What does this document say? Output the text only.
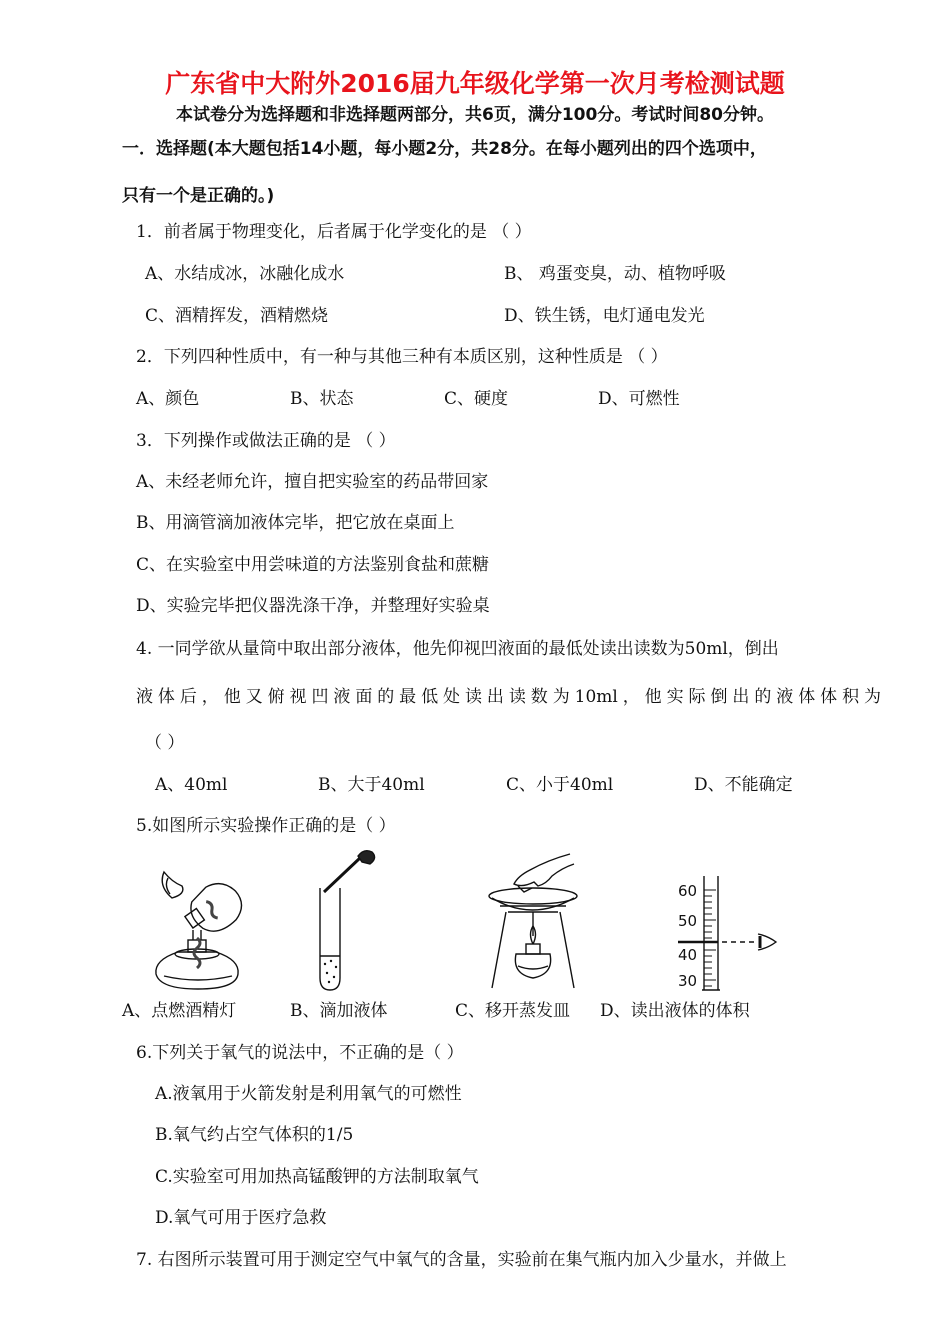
广东省中大附外2016届九年级化学第一次月考检测试题
本试卷分为选择题和非选择题两部分，共6页，满分100分。考试时间80分钟。
一．选择题(本大题包括14小题，每小题2分，共28分。在每小题列出的四个选项中，
只有一个是正确的。)
1．前者属于物理变化，后者属于化学变化的是 （ ）
A、水结成冰，冰融化成水	B、 鸡蛋变臭，动、植物呼吸
C、酒精挥发，酒精燃烧	D、铁生锈，电灯通电发光
2．下列四种性质中，有一种与其他三种有本质区别，这种性质是 （ ）
A、颜色	B、状态	C、硬度	D、可燃性
3．下列操作或做法正确的是 （ ）
A、未经老师允许，擅自把实验室的药品带回家
B、用滴管滴加液体完毕，把它放在桌面上
C、在实验室中用尝味道的方法鉴别食盐和蔗糖
D、实验完毕把仪器洗涤干净，并整理好实验桌
4. 一同学欲从量筒中取出部分液体，他先仰视凹液面的最低处读出读数为50ml，倒出
液体后，他又俯视凹液面的最低处读出读数为10ml，他实际倒出的液体体积为
（ ）
A、40ml	B、大于40ml	C、小于40ml	D、不能确定
5.如图所示实验操作正确的是（ ）
60
50
40
30
A、点燃酒精灯	B、滴加液体	C、移开蒸发皿 D、读出液体的体积
6.下列关于氧气的说法中，不正确的是（ ）
A.液氧用于火箭发射是利用氧气的可燃性
B.氧气约占空气体积的1/5
C.实验室可用加热高锰酸钾的方法制取氧气
D.氧气可用于医疗急救
7. 右图所示装置可用于测定空气中氧气的含量，实验前在集气瓶内加入少量水，并做上
